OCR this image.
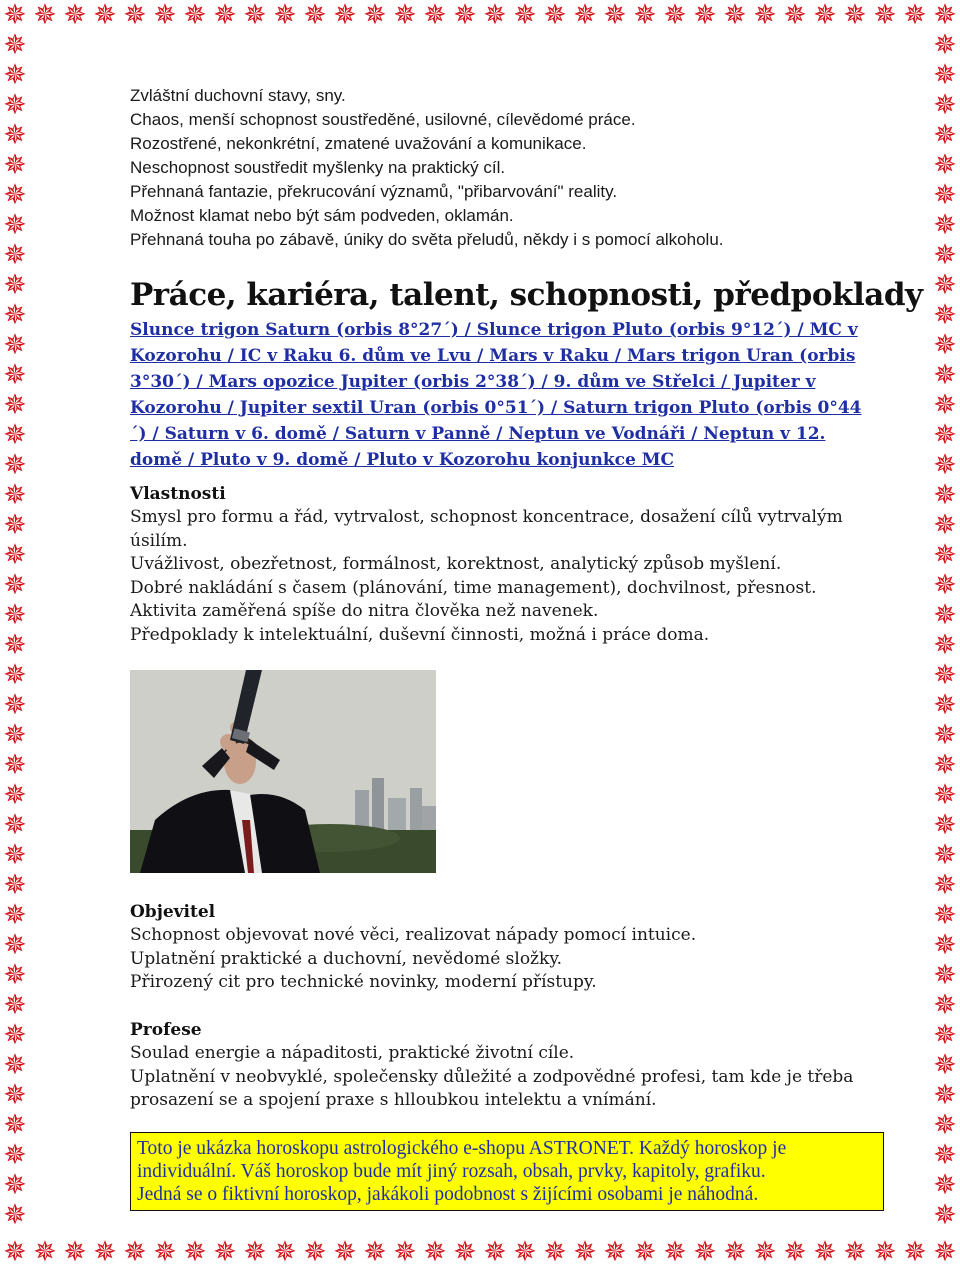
✵ ✵ ✵ ✵ ✵ ✵ ✵ ✵ ✵ ✵ ✵ ✵ ✵ ✵ ✵ ✵ ✵ ✵ ✵ ✵ ✵ ✵ ✵ ✵ ✵ ✵ ✵ ✵ ✵ ✵ ✵ ✵
✵ ✵ ✵ ✵ ✵ ✵ ✵ ✵ ✵ ✵ ✵ ✵ ✵ ✵ ✵ ✵ ✵ ✵ ✵ ✵ ✵ ✵ ✵ ✵ ✵ ✵ ✵ ✵ ✵ ✵ ✵ ✵
✵
✵
✵
✵
✵
✵
✵
✵
✵
✵
✵
✵
✵
✵
✵
✵
✵
✵
✵
✵
✵
✵
✵
✵
✵
✵
✵
✵
✵
✵
✵
✵
✵
✵
✵
✵
✵
✵
✵
✵
✵
✵
✵
✵
✵
✵
✵
✵
✵
✵
✵
✵
✵
✵
✵
✵
✵
✵
✵
✵
✵
✵
✵
✵
✵
✵
✵
✵
✵
✵
✵
✵
✵
✵
✵
✵
✵
✵
✵
✵
Zvláštní duchovní stavy, sny.
Chaos, menší schopnost soustředěné, usilovné, cílevědomé práce.
Rozostřené, nekonkrétní, zmatené uvažování a komunikace.
Neschopnost soustředit myšlenky na praktický cíl.
Přehnaná fantazie, překrucování významů, "přibarvování" reality.
Možnost klamat nebo být sám podveden, oklamán.
Přehnaná touha po zábavě, úniky do světa přeludů, někdy i s pomocí alkoholu.
Práce, kariéra, talent, schopnosti, předpoklady
Slunce trigon Saturn (orbis 8°27´) / Slunce trigon Pluto (orbis 9°12´) / MC v Kozorohu / IC v Raku 6. dům ve Lvu / Mars v Raku / Mars trigon Uran (orbis 3°30´) / Mars opozice Jupiter (orbis 2°38´) / 9. dům ve Střelci / Jupiter v Kozorohu / Jupiter sextil Uran (orbis 0°51´) / Saturn trigon Pluto (orbis 0°44´) / Saturn v 6. domě / Saturn v Panně / Neptun ve Vodnáři / Neptun v 12. domě / Pluto v 9. domě / Pluto v Kozorohu konjunkce MC
Vlastnosti
Smysl pro formu a řád, vytrvalost, schopnost koncentrace, dosažení cílů vytrvalým úsilím.
Uvážlivost, obezřetnost, formálnost, korektnost, analytický způsob myšlení.
Dobré nakládání s časem (plánování, time management), dochvilnost, přesnost.
Aktivita zaměřená spíše do nitra člověka než navenek.
Předpoklady k intelektuální, duševní činnosti, možná i práce doma.
Objevitel
Schopnost objevovat nové věci, realizovat nápady pomocí intuice.
Uplatnění praktické a duchovní, nevědomé složky.
Přirozený cit pro technické novinky, moderní přístupy.
Profese
Soulad energie a nápaditosti, praktické životní cíle.
Uplatnění v neobvyklé, společensky důležité a zodpovědné profesi, tam kde je třeba prosazení se a spojení praxe s hlloubkou intelektu a vnímání.
Toto je ukázka horoskopu astrologického e-shopu ASTRONET. Každý horoskop je
individuální. Váš horoskop bude mít jiný rozsah, obsah, prvky, kapitoly, grafiku.
Jedná se o fiktivní horoskop, jakákoli podobnost s žijícími osobami je náhodná.
